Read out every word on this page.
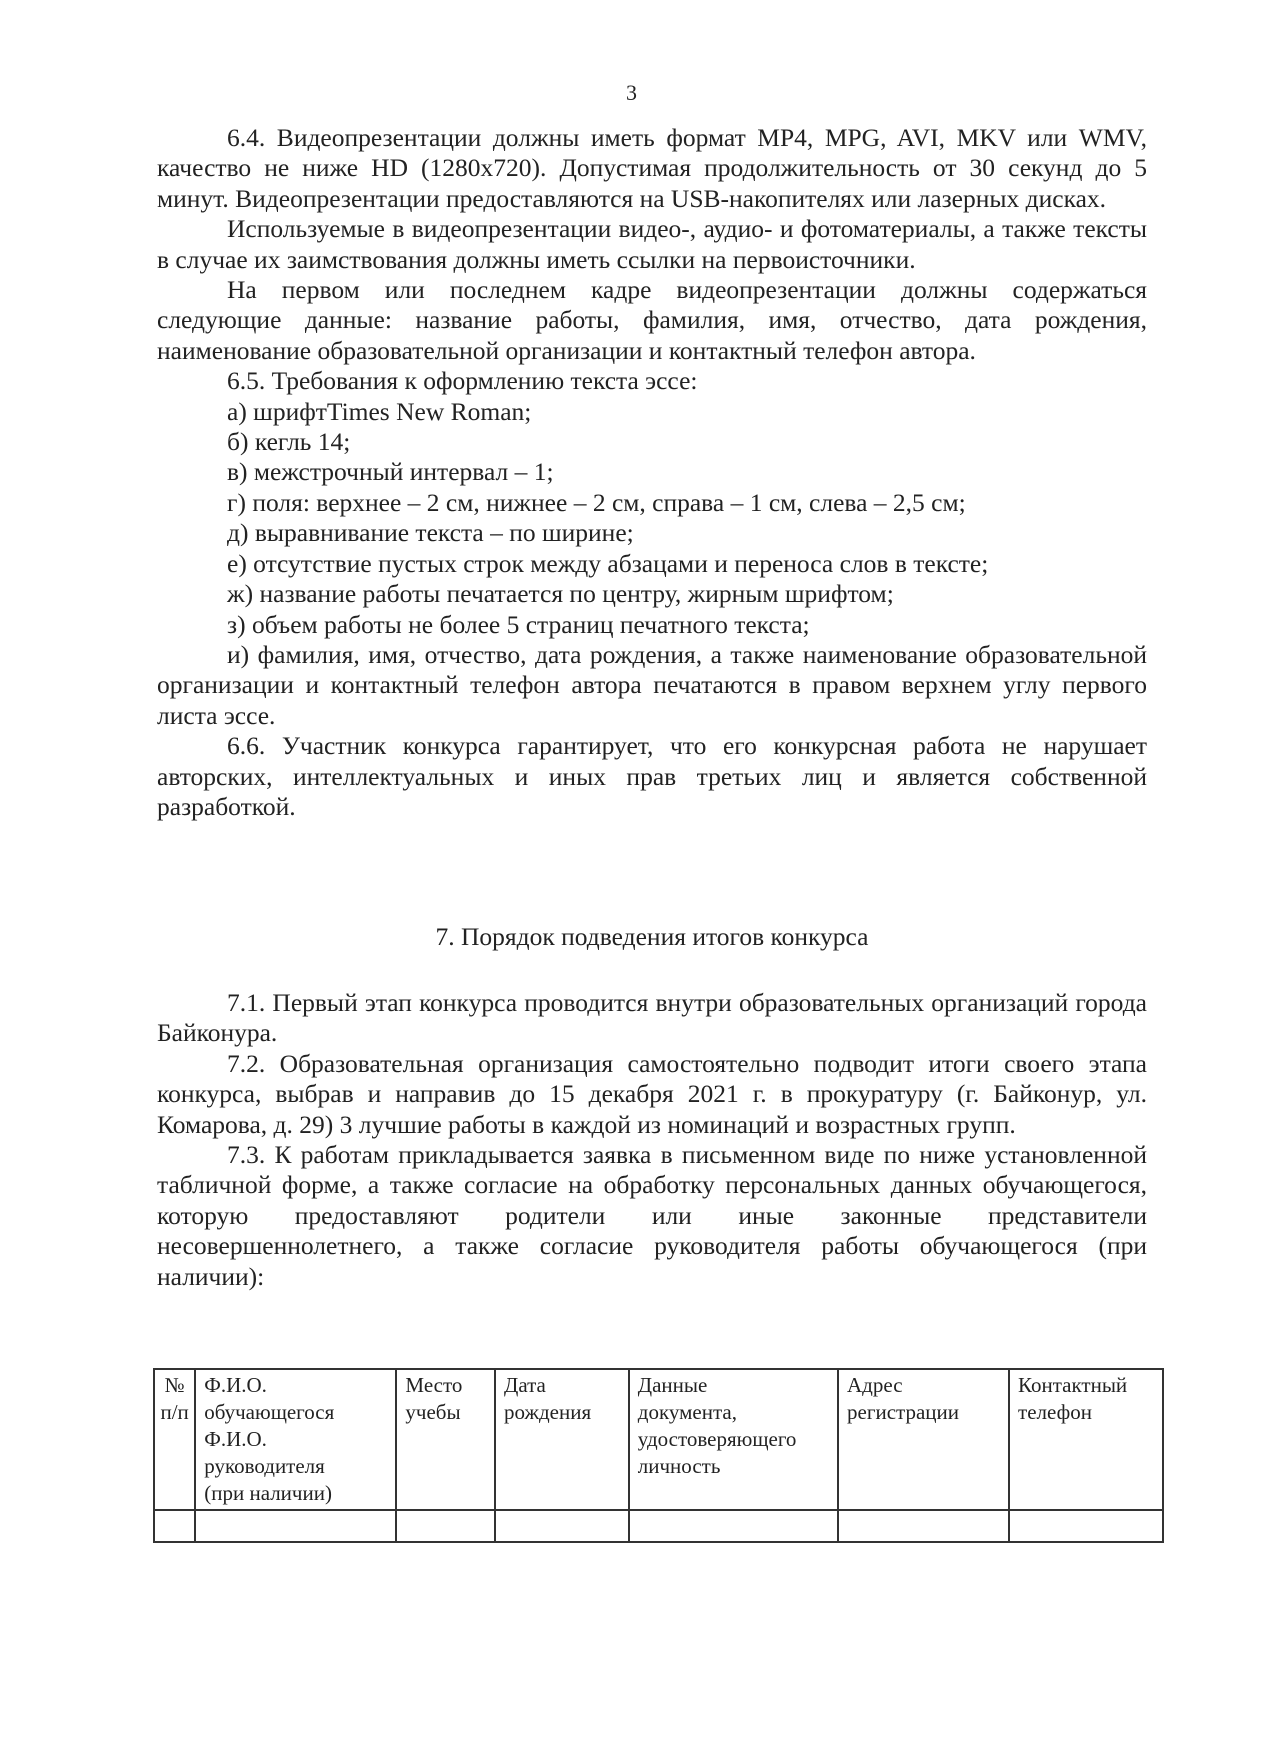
3

6.4. Видеопрезентации должны иметь формат MP4, MPG, AVI, MKV или WMV, качество не ниже HD (1280х720). Допустимая продолжительность от 30 секунд до 5 минут. Видеопрезентации предоставляются на USB-накопителях или лазерных дисках.

Используемые в видеопрезентации видео-, аудио- и фотоматериалы, а также тексты в случае их заимствования должны иметь ссылки на первоисточники.

На первом или последнем кадре видеопрезентации должны содержаться следующие данные: название работы, фамилия, имя, отчество, дата рождения, наименование образовательной организации и контактный телефон автора.

6.5. Требования к оформлению текста эссе:

а) шрифтTimes New Roman;

б) кегль 14;

в) межстрочный интервал – 1;

г) поля: верхнее – 2 см, нижнее – 2 см, справа – 1 см, слева – 2,5 см;

д) выравнивание текста – по ширине;

е) отсутствие пустых строк между абзацами и переноса слов в тексте;

ж) название работы печатается по центру, жирным шрифтом;

з) объем работы не более 5 страниц печатного текста;

и) фамилия, имя, отчество, дата рождения, а также наименование образовательной организации и контактный телефон автора печатаются в правом верхнем углу первого листа эссе.

6.6. Участник конкурса гарантирует, что его конкурсная работа не нарушает авторских, интеллектуальных и иных прав третьих лиц и является собственной разработкой.

7. Порядок подведения итогов конкурса

7.1. Первый этап конкурса проводится внутри образовательных организаций города Байконура.

7.2. Образовательная организация самостоятельно подводит итоги своего этапа конкурса, выбрав и направив до 15 декабря 2021 г. в прокуратуру (г. Байконур, ул. Комарова, д. 29) 3 лучшие работы в каждой из номинаций и возрастных групп.

7.3. К работам прикладывается заявка в письменном виде по ниже установленной табличной форме, а также согласие на обработку персональных данных обучающегося, которую предоставляют родители или иные законные представители несовершеннолетнего, а также согласие руководителя работы обучающегося (при наличии):

№
п/п	Ф.И.О.
обучающегося
Ф.И.О.
руководителя
(при наличии)	Место
учебы	Дата
рождения	Данные
документа,
удостоверяющего
личность	Адрес
регистрации	Контактный
телефон
